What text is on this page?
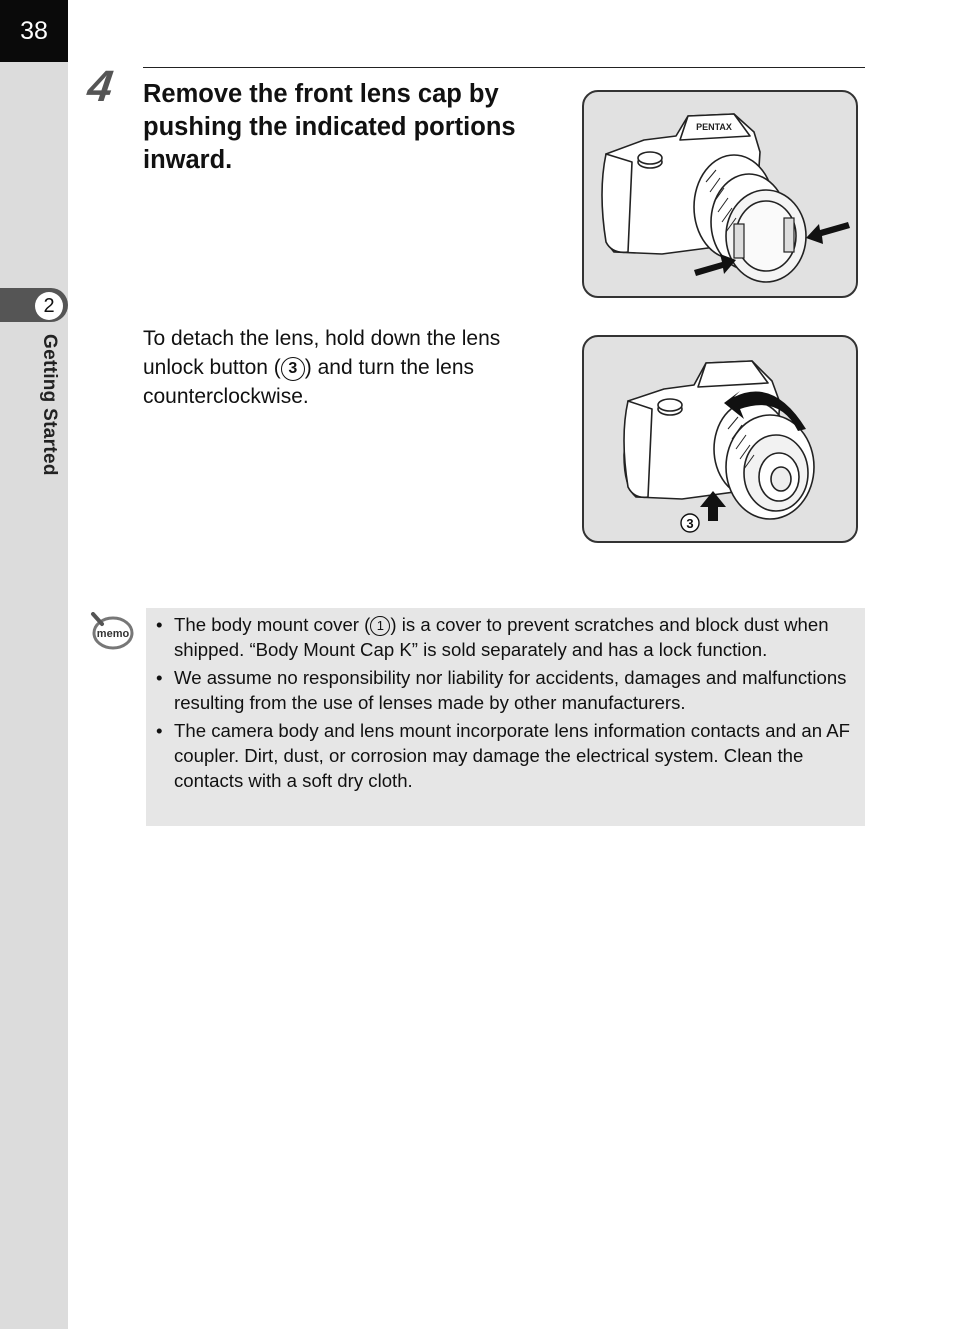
38
2
Getting Started
4 Remove the front lens cap by pushing the indicated portions inward.

PENTAX
3

To detach the lens, hold down the lens unlock button ( 3 ) and turn the lens counterclockwise.

memo
•	The body mount cover ( 1 ) is a cover to prevent scratches and block dust when shipped. “Body Mount Cap K” is sold separately and has a lock function.
• We assume no responsibility nor liability for accidents, damages and malfunctions resulting from the use of lenses made by other manufacturers.
• The camera body and lens mount incorporate lens information contacts and an AF coupler. Dirt, dust, or corrosion may damage the electrical system. Clean the contacts with a soft dry cloth.
